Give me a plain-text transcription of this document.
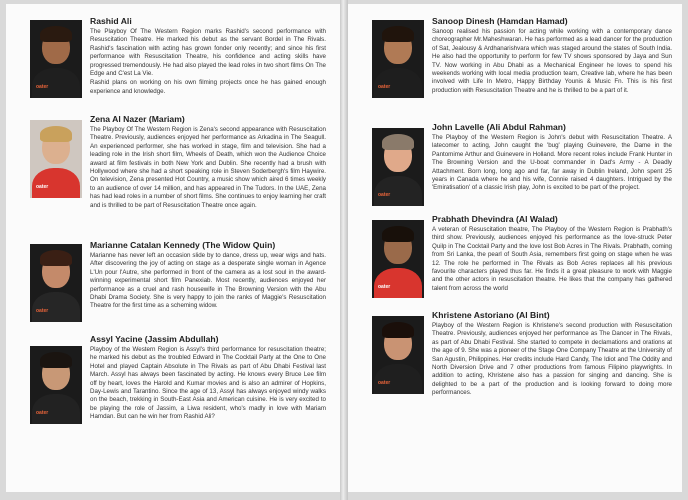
oater
Rashid Ali
The Playboy Of The Western Region marks Rashid's second performance with Resuscitation Theatre. He marked his debut as the servant Bordel in The Rivals. Rashid's fascination with acting has grown fonder only recently; and since his first performance with Resuscitation Theatre, his confidence and acting skills have progressed tremendously. He had also played the lead roles in two short films On The Edge and C'est La Vie.
Rashid plans on working on his own filming projects once he has gained enough experience and knowledge.
oater
Zena Al Nazer (Mariam)
The Playboy Of The Western Region is Zena's second appearance with Resuscitation Theatre. Previously, audiences enjoyed her performance as Arkadina in The Seagull. An experienced performer, she has worked in stage, film and television. She had a leading role in the Irish short film, Wheels of Death, which won the Audience Choice award at film festivals in both New York and Dublin. She recently had a brush with Hollywood where she had a short speaking role in Steven Soderbergh's film Haywire. On television, Zena presented Hot Country, a music show which aired 6 times weekly to an audience of over 14 million, and has appeared in The Tudors. In the UAE, Zena has had lead roles in a number of short films. She continues to enjoy learning her craft and is thrilled to be part of Resuscitation Theatre once again.
oater
Marianne Catalan Kennedy (The Widow Quin)
Marianne has never left an occasion slide by to dance, dress up, wear wigs and hats. After discovering the joy of acting on stage as a desperate single woman in Agence L'Un pour l'Autre, she performed in front of the camera as a lost soul in the award-winning experimental short film Panexiab. Most recently, audiences enjoyed her performance as a cruel and rash housewife in The Browning Version with the Abu Dhabi Drama Society. She is very happy to join the ranks of Maggie's Resuscitation Theatre for the first time as a scheming widow.
oater
Assyl Yacine (Jassim Abdullah)
Playboy of the Western Region is Assyl's third performance for resuscitation theatre; he marked his debut as the troubled Edward in The Cocktail Party at the One to One Hotel and played Captain Absolute in The Rivals as part of Abu Dhabi Festival last March. Assyl has always been fascinated by acting. He knows every Bruce Lee film off by heart, loves the Harold and Kumar movies and is also an admirer of Hopkins, Day-Lewis and Tarantino. Since the age of 13, Assyl has always enjoyed windy walks on the beach, trekking in South-East Asia and American cuisine. He is very excited to be playing the role of Jassim, a Liwa resident, who's madly in love with Mariam Hamdan. But can he win her from Rashid Ali?
oater
Sanoop Dinesh (Hamdan Hamad)
Sanoop realised his passion for acting while working with a contemporary dance choreographer Mr.Maheshwaran. He has performed as a lead dancer for the production of Sat, Jealousy & Ardhanarishvara which was staged around the states of South India. He also had the opportunity to perform for few TV shows sponsored by Jaya and Sun TV. Now working in Abu Dhabi as a Mechanical Engineer he loves to spend his weekends working with local media production team, Creative lab, where he has been involved with Life In Metro, Happy Birthday Younis & Music Fn. This is his first production with Resuscitation Theatre and he is thrilled to be a part of it.
oater
John Lavelle (Ali Abdul Rahman)
The Playboy of the Western Region is John's debut with Resuscitation Theatre. A latecomer to acting, John caught the 'bug' playing Guinevere, the Dame in the Pantomime Arthur and Guinevere in Holland. More recent roles include Frank Hunter in The Browning Version and the U-boat commander in Dad's Army - A Deadly Attachment. Born long, long ago and far, far away in Dublin Ireland, John spent 25 years in Canada where he and his wife, Connie raised 4 daughters. Intrigued by the 'Emiratisation' of a classic Irish play, John is excited to be part of the project.
oater
Prabhath Dhevindra (Al Walad)
A veteran of Resuscitation theatre, The Playboy of the Western Region is Prabhath's third show. Previously, audiences enjoyed his performance as the love-struck Peter Quilp in The Cocktail Party and the love lost Bob Acres in The Rivals. Prabhath, coming from Sri Lanka, the pearl of South Asia, remembers first going on stage when he was 12. The role he performed in The Rivals as Bob Acres replaces all his previous favourite characters played thus far. He finds it a great pleasure to work with Maggie and the other actors in resuscitation theatre. He likes that the company has gathered talent from across the world
oater
Khristene Astoriano (Al Bint)
Playboy of the Western Region is Khristene's second production with Resuscitation Theatre. Previously, audiences enjoyed her performance as The Dancer in The Rivals, as part of Abu Dhabi Festival. She started to compete in declamations and orations at the age of 9. She was a pioneer of the Stage One Company Theatre at the University of San Agustin, Philippines. Her credits include Hard Candy, The Idiot and The Oddity and North Diversion Drive and 7 other productions from famous Filipino playwrights. In addition to acting, Khristene also has a passion for singing and dancing. She is delighted to be a part of the production and is looking forward to doing more performances.
